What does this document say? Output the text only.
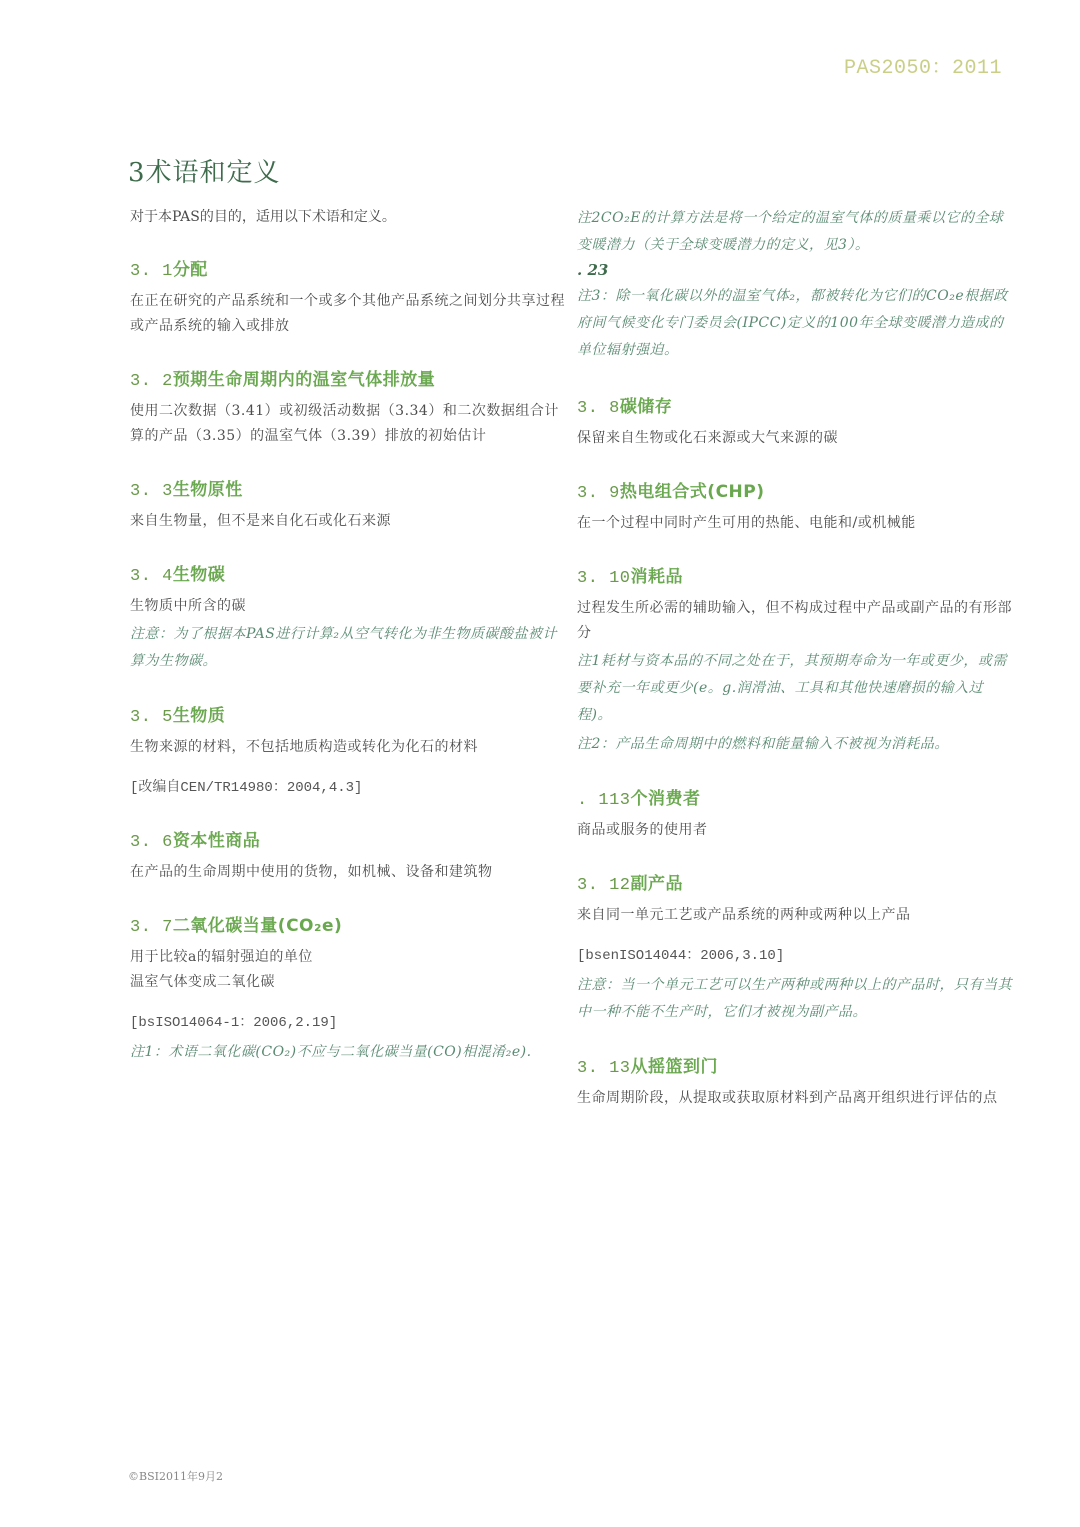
PAS2050：2011
3术语和定义

对于本PAS的目的，适用以下术语和定义。

3. 1分配

在正在研究的产品系统和一个或多个其他产品系统之间划分共享过程或产品系统的输入或排放

3. 2预期生命周期内的温室气体排放量

使用二次数据（3.41）或初级活动数据（3.34）和二次数据组合计算的产品（3.35）的温室气体（3.39）排放的初始估计

3. 3生物原性

来自生物量，但不是来自化石或化石来源

3. 4生物碳

生物质中所含的碳

注意：为了根据本PAS进行计算₂从空气转化为非生物质碳酸盐被计算为生物碳。

3. 5生物质

生物来源的材料，不包括地质构造或转化为化石的材料

[改编自CEN/TR14980：2004,4.3]

3. 6资本性商品

在产品的生命周期中使用的货物，如机械、设备和建筑物

3. 7二氧化碳当量(CO₂e)

用于比较a的辐射强迫的单位

温室气体变成二氧化碳

[bsISO14064-1：2006,2.19]

注1：术语二氧化碳(CO₂)不应与二氧化碳当量(CO)相混淆₂e).

注2CO₂E的计算方法是将一个给定的温室气体的质量乘以它的全球变暖潜力（关于全球变暖潜力的定义，见3）。

. 23

注3：除一氧化碳以外的温室气体₂，都被转化为它们的CO₂e根据政府间气候变化专门委员会(IPCC)定义的100年全球变暖潜力造成的单位辐射强迫。

3. 8碳储存

保留来自生物或化石来源或大气来源的碳

3. 9热电组合式(CHP)

在一个过程中同时产生可用的热能、电能和/或机械能

3. 10消耗品

过程发生所必需的辅助输入，但不构成过程中产品或副产品的有形部分

注1耗材与资本品的不同之处在于，其预期寿命为一年或更少，或需要补充一年或更少(e。g.润滑油、工具和其他快速磨损的输入过程)。

注2：产品生命周期中的燃料和能量输入不被视为消耗品。

. 113个消费者

商品或服务的使用者

3. 12副产品

来自同一单元工艺或产品系统的两种或两种以上产品

[bsenISO14044：2006,3.10]

注意：当一个单元工艺可以生产两种或两种以上的产品时，只有当其中一种不能不生产时，它们才被视为副产品。

3. 13从摇篮到门

生命周期阶段，从提取或获取原材料到产品离开组织进行评估的点

©BSI2011年9月2
